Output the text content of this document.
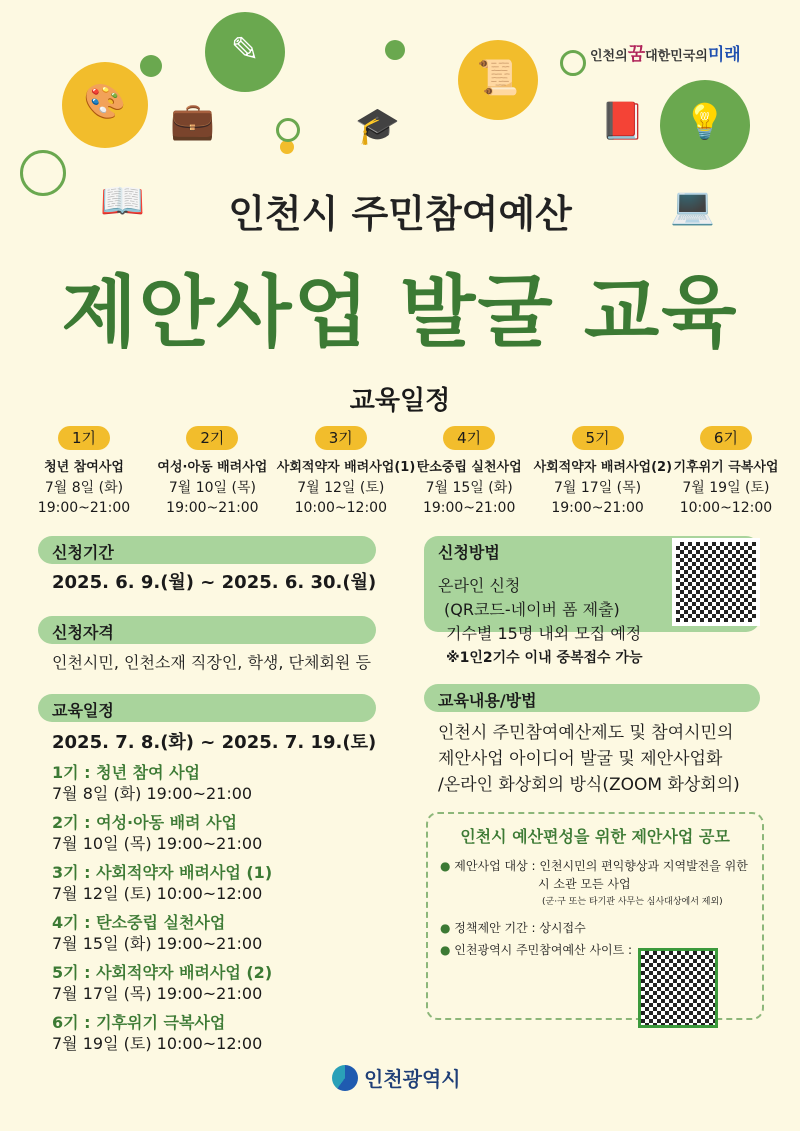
인천의꿈대한민국의미래
🎨
✎
📜
💡
💼	🎓	📕
📖	💻
인천시 주민참여예산
제안사업 발굴 교육
교육일정
1기
청년 참여사업
7월 8일 (화)
19:00~21:00
2기
여성·아동 배려사업
7월 10일 (목)
19:00~21:00
3기
사회적약자 배려사업(1)
7월 12일 (토)
10:00~12:00
4기
탄소중립 실천사업
7월 15일 (화)
19:00~21:00
5기
사회적약자 배려사업(2)
7월 17일 (목)
19:00~21:00
6기
기후위기 극복사업
7월 19일 (토)
10:00~12:00
신청기간
2025. 6. 9.(월) ~ 2025. 6. 30.(월)
신청자격
인천시민, 인천소재 직장인, 학생, 단체회원 등
교육일정
2025. 7. 8.(화) ~ 2025. 7. 19.(토)
1기 : 청년 참여 사업
7월 8일 (화) 19:00~21:00
2기 : 여성·아동 배려 사업
7월 10일 (목) 19:00~21:00
3기 : 사회적약자 배려사업 (1)
7월 12일 (토) 10:00~12:00
4기 : 탄소중립 실천사업
7월 15일 (화) 19:00~21:00
5기 : 사회적약자 배려사업 (2)
7월 17일 (목) 19:00~21:00
6기 : 기후위기 극복사업
7월 19일 (토) 10:00~12:00
신청방법
온라인 신청
(QR코드-네이버 폼 제출)
기수별 15명 내외 모집 예정
※1인2기수 이내 중복접수 가능
교육내용/방법
인천시 주민참여예산제도 및 참여시민의
제안사업 아이디어 발굴 및 제안사업화
/온라인 화상회의 방식(ZOOM 화상회의)
인천시 예산편성을 위한 제안사업 공모
● 제안사업 대상 : 인천시민의 편익향상과 지역발전을 위한
시 소관 모든 사업
(군·구 또는 타기관 사무는 심사대상에서 제외)
● 정책제안 기간 : 상시접수
● 인천광역시 주민참여예산 사이트 :
인천광역시
